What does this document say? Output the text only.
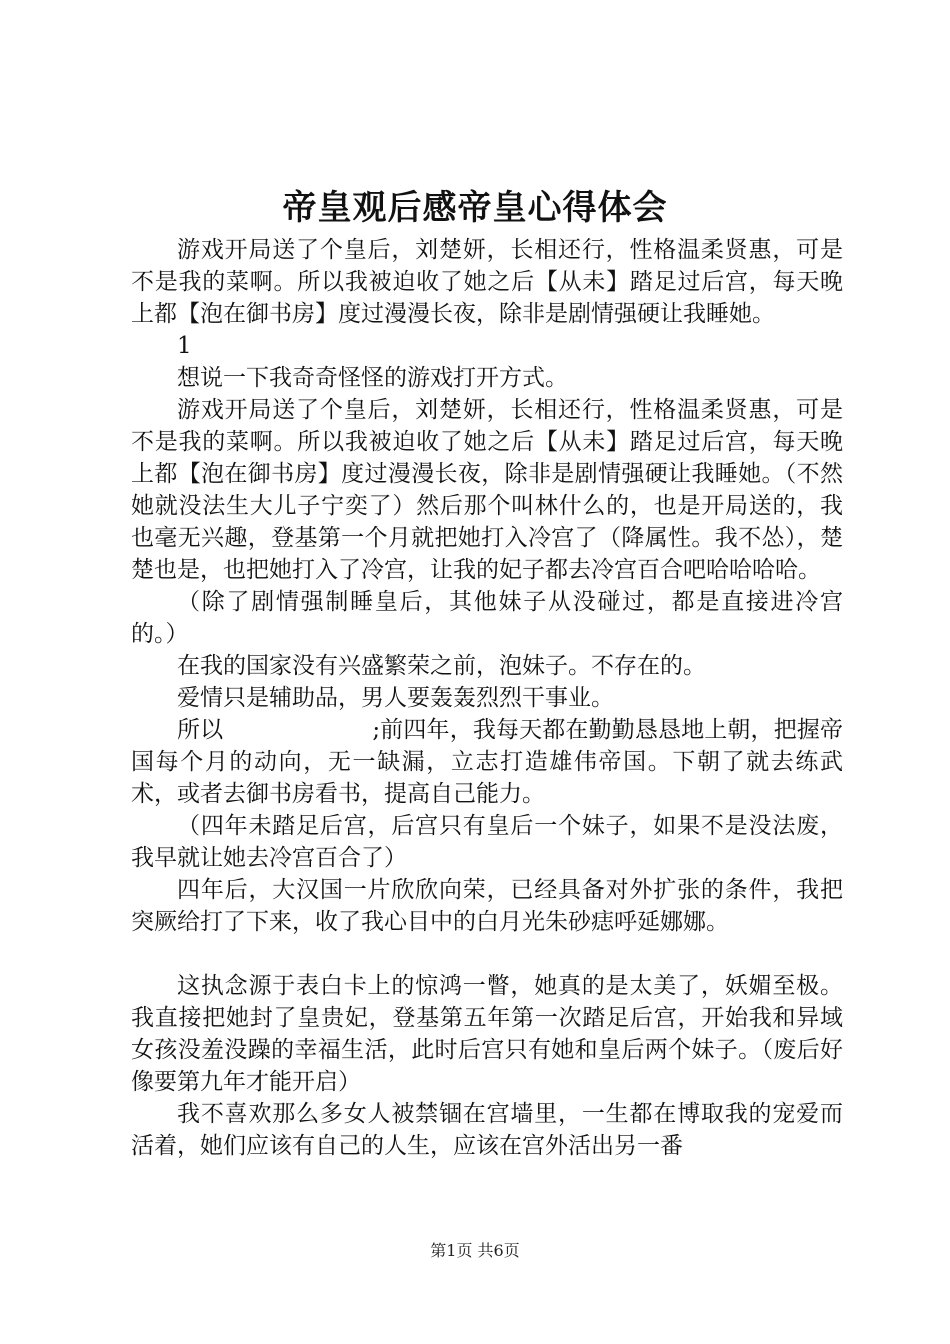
帝皇观后感帝皇心得体会

游戏开局送了个皇后，刘楚妍，长相还行，性格温柔贤惠，可是不是我的菜啊。所以我被迫收了她之后【从未】踏足过后宫，每天晚上都【泡在御书房】度过漫漫长夜，除非是剧情强硬让我睡她。

1

想说一下我奇奇怪怪的游戏打开方式。

游戏开局送了个皇后，刘楚妍，长相还行，性格温柔贤惠，可是不是我的菜啊。所以我被迫收了她之后【从未】踏足过后宫，每天晚上都【泡在御书房】度过漫漫长夜，除非是剧情强硬让我睡她。（不然她就没法生大儿子宁奕了）然后那个叫林什么的，也是开局送的，我也毫无兴趣，登基第一个月就把她打入冷宫了（降属性。我不怂），楚楚也是，也把她打入了冷宫，让我的妃子都去冷宫百合吧哈哈哈哈。

（除了剧情强制睡皇后，其他妹子从没碰过，都是直接进冷宫的。）

在我的国家没有兴盛繁荣之前，泡妹子。不存在的。

爱情只是辅助品，男人要轰轰烈烈干事业。

所以                    ;前四年，我每天都在勤勤恳恳地上朝，把握帝国每个月的动向，无一缺漏，立志打造雄伟帝国。下朝了就去练武术，或者去御书房看书，提高自己能力。

（四年未踏足后宫，后宫只有皇后一个妹子，如果不是没法废，我早就让她去冷宫百合了）

四年后，大汉国一片欣欣向荣，已经具备对外扩张的条件，我把突厥给打了下来，收了我心目中的白月光朱砂痣呼延娜娜。

这执念源于表白卡上的惊鸿一瞥，她真的是太美了，妖媚至极。我直接把她封了皇贵妃，登基第五年第一次踏足后宫，开始我和异域女孩没羞没躁的幸福生活，此时后宫只有她和皇后两个妹子。（废后好像要第九年才能开启）

我不喜欢那么多女人被禁锢在宫墙里，一生都在博取我的宠爱而活着，她们应该有自己的人生，应该在宫外活出另一番

第1页 共6页
